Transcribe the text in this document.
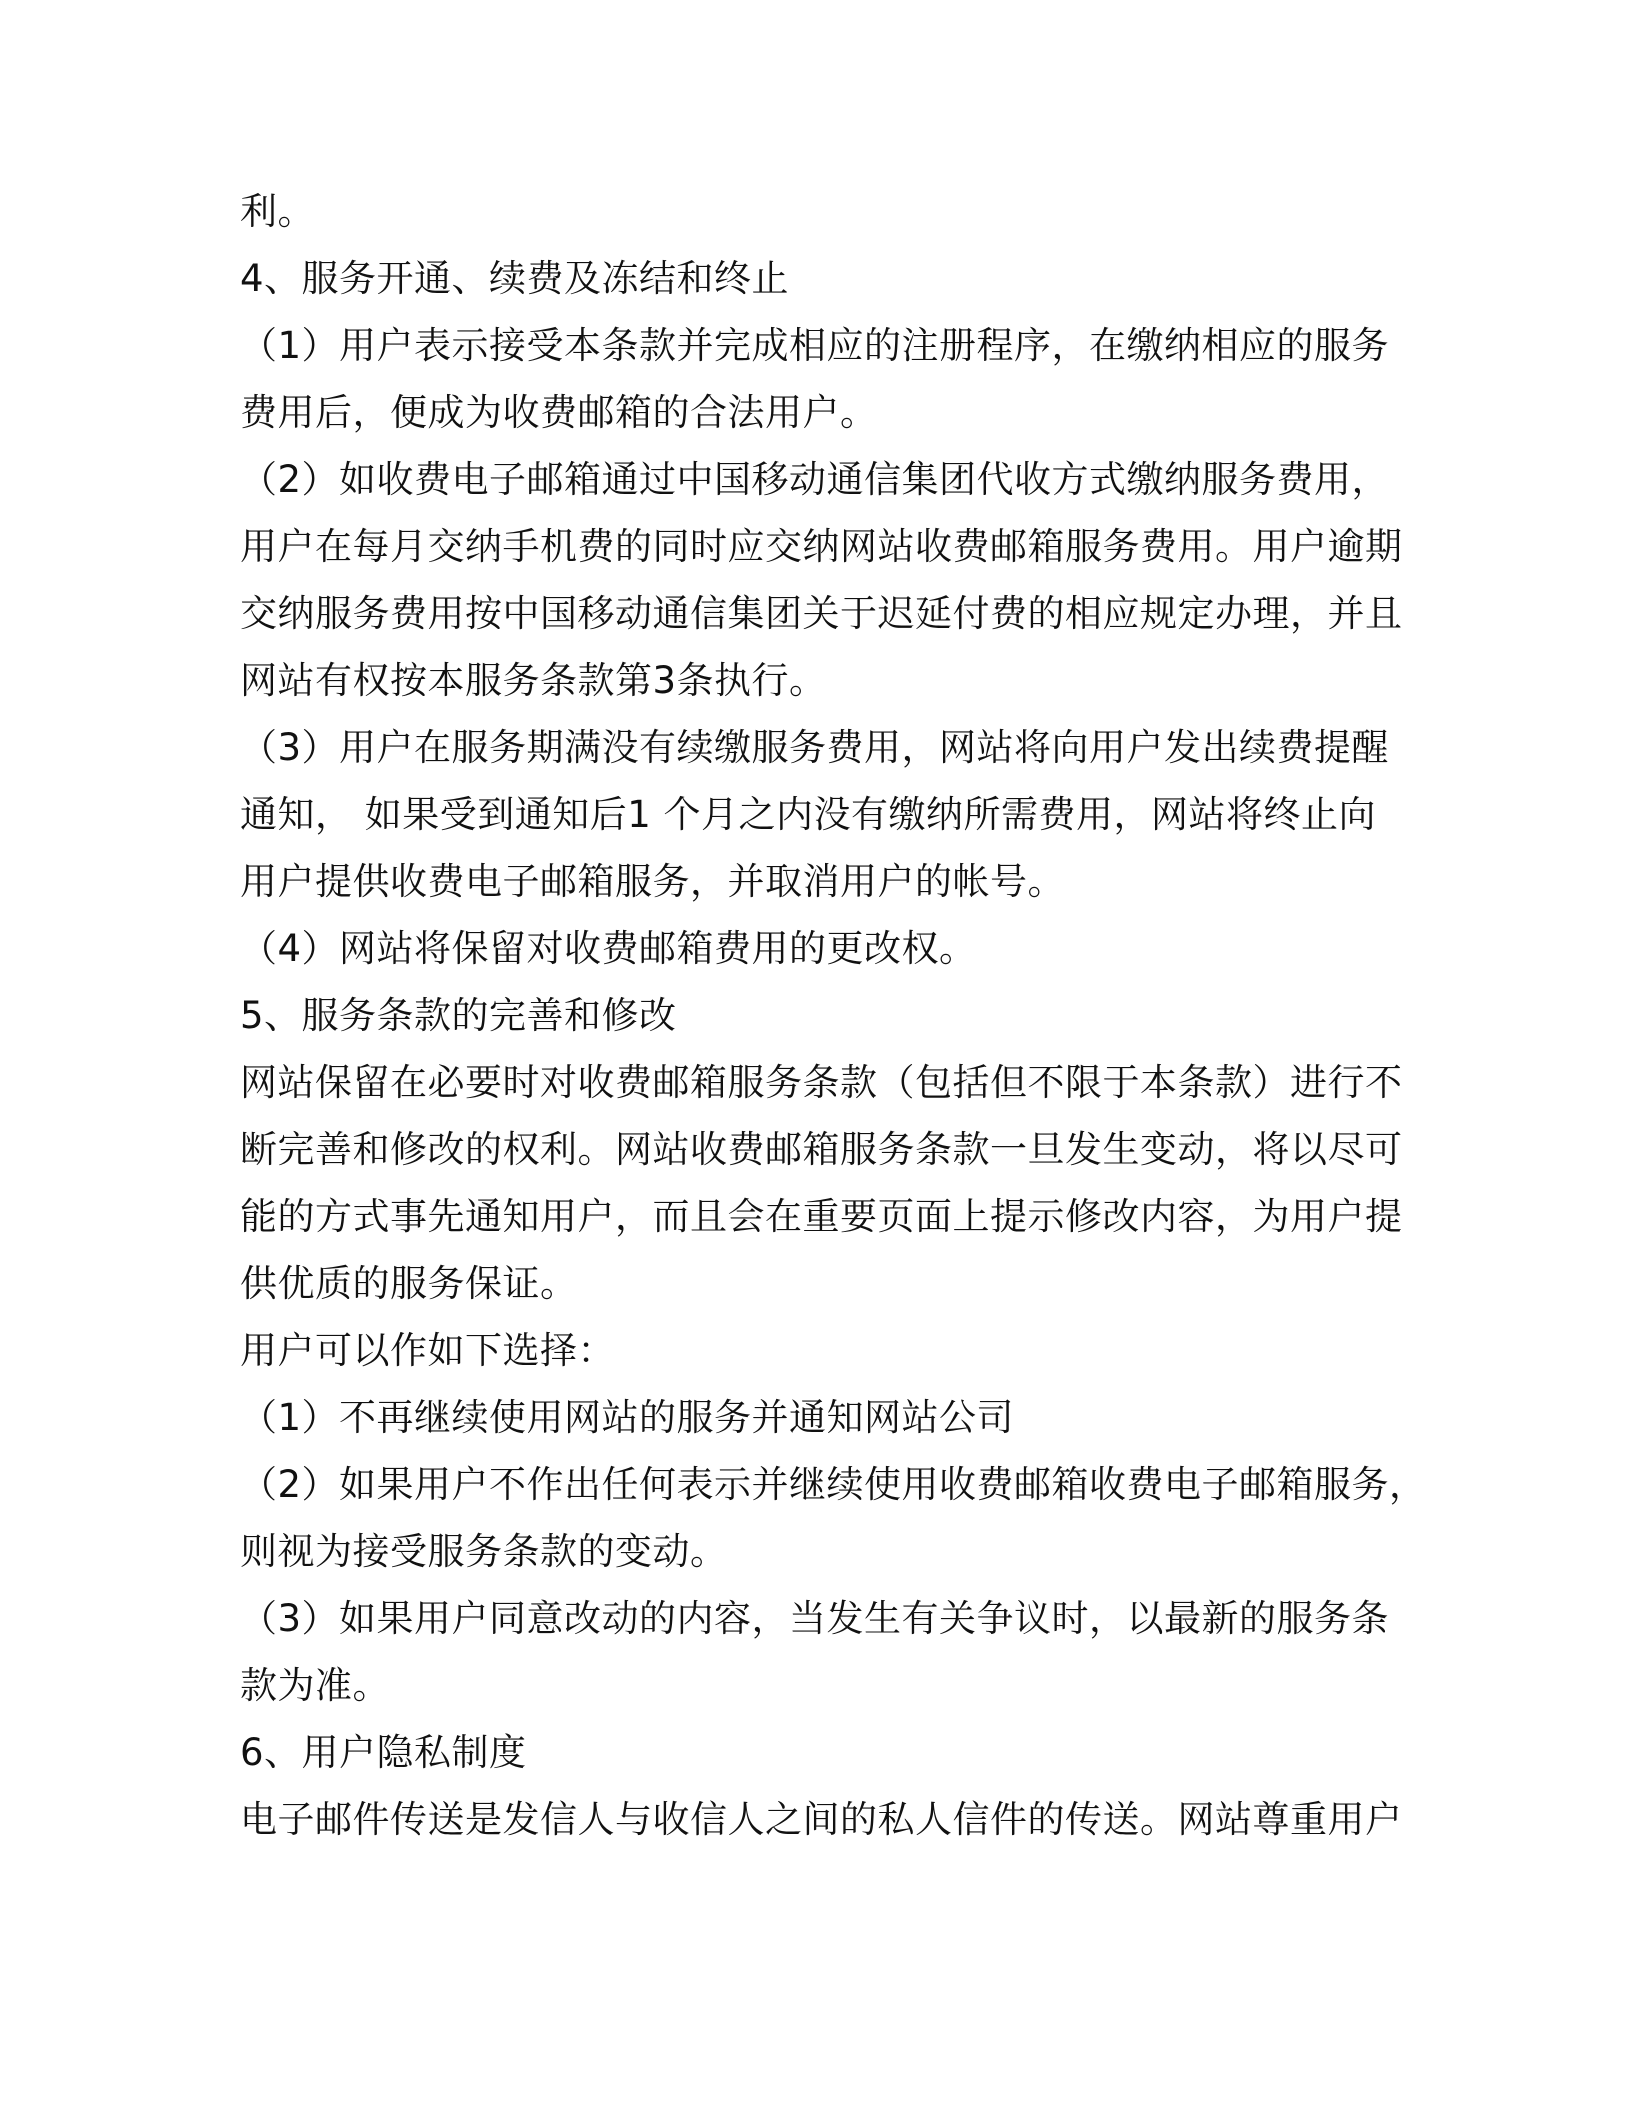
利。
4、服务开通、续费及冻结和终止
（1）用户表示接受本条款并完成相应的注册程序，在缴纳相应的服务
费用后，便成为收费邮箱的合法用户。
（2）如收费电子邮箱通过中国移动通信集团代收方式缴纳服务费用，
用户在每月交纳手机费的同时应交纳网站收费邮箱服务费用。用户逾期
交纳服务费用按中国移动通信集团关于迟延付费的相应规定办理，并且
网站有权按本服务条款第3条执行。
（3）用户在服务期满没有续缴服务费用，网站将向用户发出续费提醒
通知， 如果受到通知后1 个月之内没有缴纳所需费用，网站将终止向
用户提供收费电子邮箱服务，并取消用户的帐号。
（4）网站将保留对收费邮箱费用的更改权。
5、服务条款的完善和修改
网站保留在必要时对收费邮箱服务条款（包括但不限于本条款）进行不
断完善和修改的权利。网站收费邮箱服务条款一旦发生变动，将以尽可
能的方式事先通知用户，而且会在重要页面上提示修改内容，为用户提
供优质的服务保证。
用户可以作如下选择：
（1）不再继续使用网站的服务并通知网站公司
（2）如果用户不作出任何表示并继续使用收费邮箱收费电子邮箱服务，
则视为接受服务条款的变动。
（3）如果用户同意改动的内容，当发生有关争议时，以最新的服务条
款为准。
6、用户隐私制度
电子邮件传送是发信人与收信人之间的私人信件的传送。网站尊重用户
